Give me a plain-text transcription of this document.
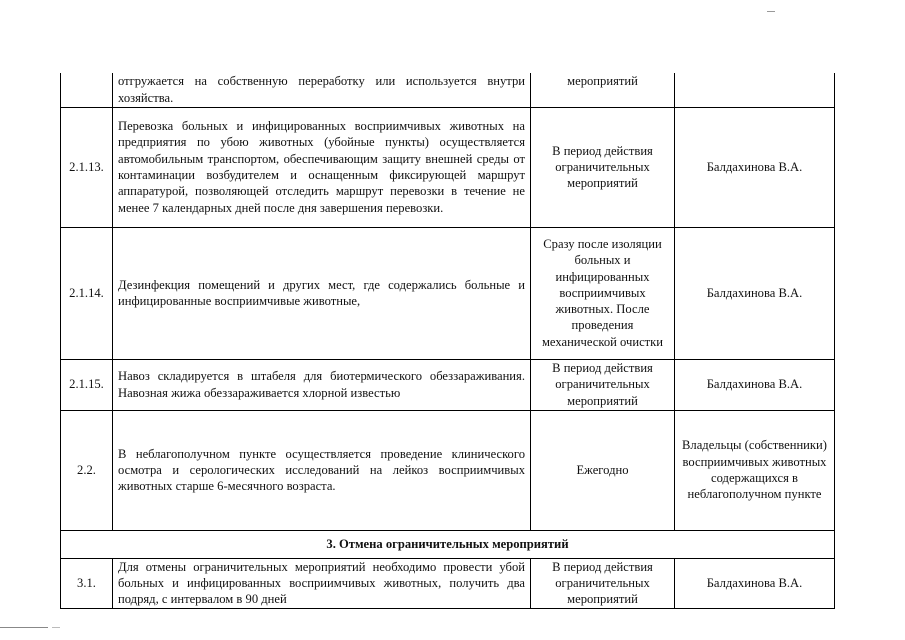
	отгружается на собственную переработку или используется внутри хозяйства.	мероприятий	
2.1.13.	Перевозка больных и инфицированных восприимчивых животных на предприятия по убою животных (убойные пункты) осуществляется автомобильным транспортом, обеспечивающим защиту внешней среды от контаминации возбудителем и оснащенным фиксирующей маршрут аппаратурой, позволяющей отследить маршрут перевозки в течение не менее 7 календарных дней после дня завершения перевозки.	В период действия ограничительных мероприятий	Балдахинова В.А.
2.1.14.	Дезинфекция помещений и других мест, где содержались больные и инфицированные восприимчивые животные,	Сразу после изоляции больных и инфицированных восприимчивых животных. После проведения механической очистки	Балдахинова В.А.
2.1.15.	Навоз складируется в штабеля для биотермического обеззараживания. Навозная жижа обеззараживается хлорной известью	В период действия ограничительных мероприятий	Балдахинова В.А.
2.2.	В неблагополучном пункте осуществляется проведение клинического осмотра и серологических исследований на лейкоз восприимчивых животных старше 6-месячного возраста.	Ежегодно	Владельцы (собственники) восприимчивых животных содержащихся в неблагополучном пункте
3. Отмена ограничительных мероприятий			
3.1.	Для отмены ограничительных мероприятий необходимо провести убой больных и инфицированных восприимчивых животных, получить два подряд, с интервалом в 90 дней	В период действия ограничительных мероприятий	Балдахинова В.А.
